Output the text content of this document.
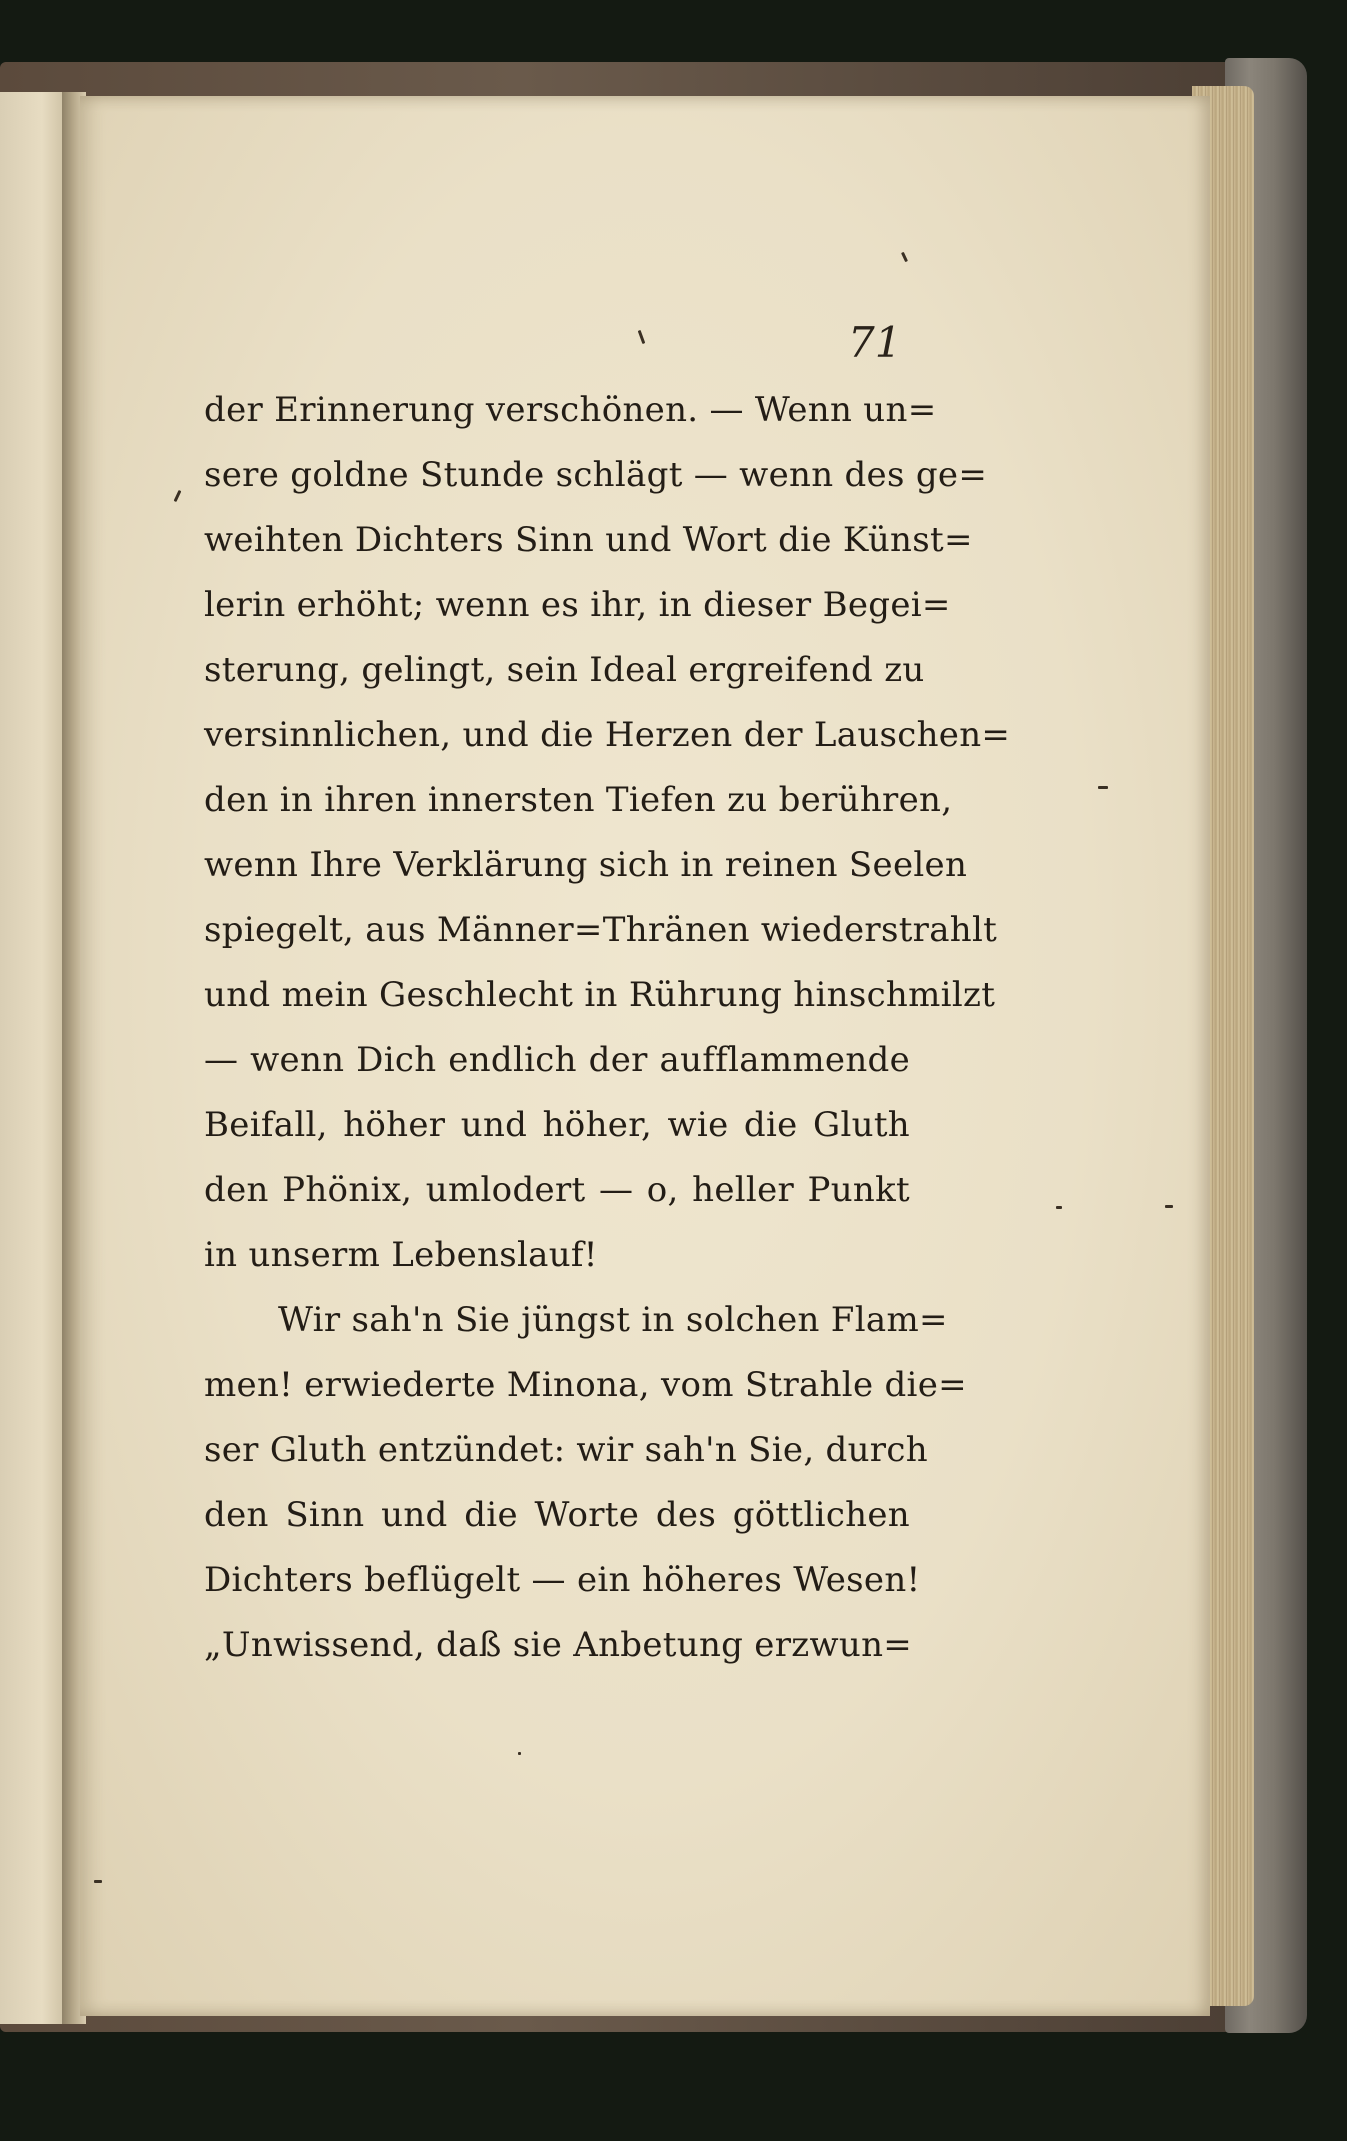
71
der Erinnerung verschönen. — Wenn un=
sere goldne Stunde schlägt — wenn des ge=
weihten Dichters Sinn und Wort die Künst=
lerin erhöht; wenn es ihr, in dieser Begei=
sterung, gelingt, sein Ideal ergreifend zu
versinnlichen, und die Herzen der Lauschen=
den in ihren innersten Tiefen zu berühren,
wenn Ihre Verklärung sich in reinen Seelen
spiegelt, aus Männer=Thränen wiederstrahlt
und mein Geschlecht in Rührung hinschmilzt
— wenn Dich endlich der aufflammende
Beifall, höher und höher, wie die Gluth
den Phönix, umlodert — o, heller Punkt
in unserm Lebenslauf!
Wir sah'n Sie jüngst in solchen Flam=
men! erwiederte Minona, vom Strahle die=
ser Gluth entzündet: wir sah'n Sie, durch
den Sinn und die Worte des göttlichen
Dichters beflügelt — ein höheres Wesen!
„Unwissend, daß sie Anbetung erzwun=
